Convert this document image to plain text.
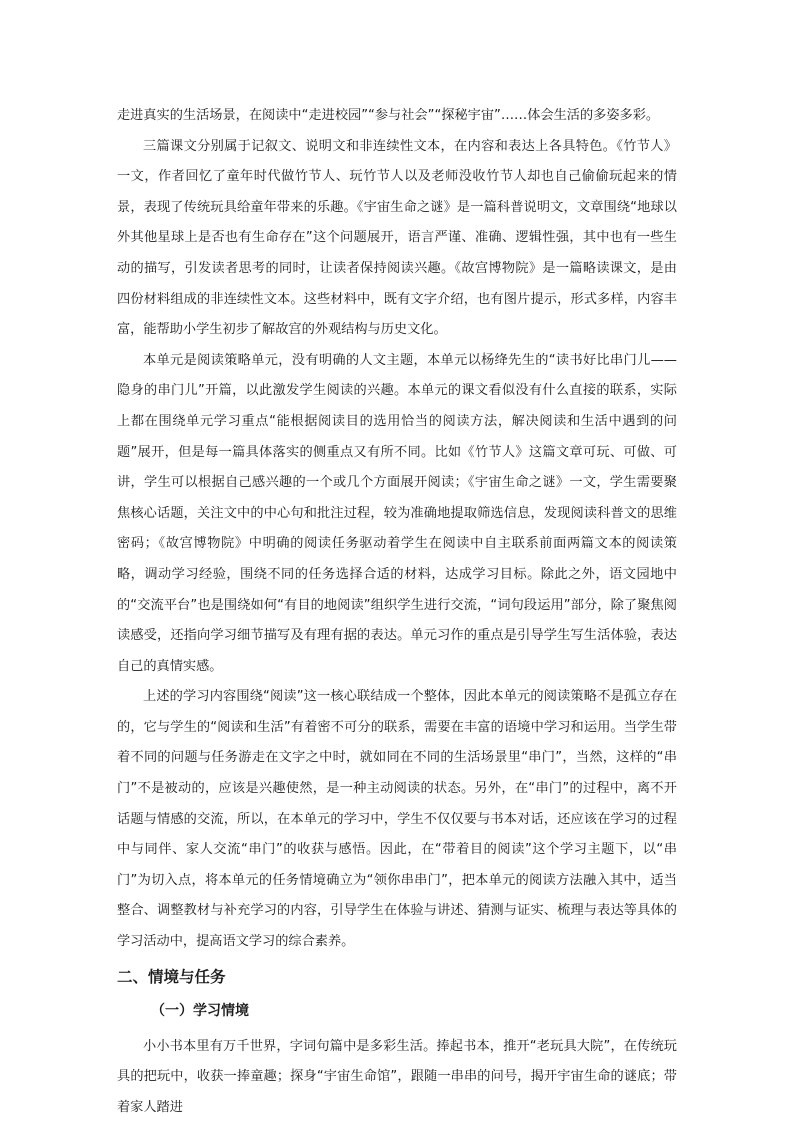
走进真实的生活场景，在阅读中“走进校园”“参与社会”“探秘宇宙”……体会生活的多姿多彩。

三篇课文分别属于记叙文、说明文和非连续性文本，在内容和表达上各具特色。《竹节人》一文，作者回忆了童年时代做竹节人、玩竹节人以及老师没收竹节人却也自己偷偷玩起来的情景，表现了传统玩具给童年带来的乐趣。《宇宙生命之谜》是一篇科普说明文，文章围绕“地球以外其他星球上是否也有生命存在”这个问题展开，语言严谨、准确、逻辑性强，其中也有一些生动的描写，引发读者思考的同时，让读者保持阅读兴趣。《故宫博物院》是一篇略读课文，是由四份材料组成的非连续性文本。这些材料中，既有文字介绍，也有图片提示，形式多样，内容丰富，能帮助小学生初步了解故宫的外观结构与历史文化。

本单元是阅读策略单元，没有明确的人文主题，本单元以杨绛先生的“读书好比串门儿——隐身的串门儿”开篇，以此激发学生阅读的兴趣。本单元的课文看似没有什么直接的联系，实际上都在围绕单元学习重点“能根据阅读目的选用恰当的阅读方法，解决阅读和生活中遇到的问题”展开，但是每一篇具体落实的侧重点又有所不同。比如《竹节人》这篇文章可玩、可做、可讲，学生可以根据自己感兴趣的一个或几个方面展开阅读；《宇宙生命之谜》一文，学生需要聚焦核心话题，关注文中的中心句和批注过程，较为准确地提取筛选信息，发现阅读科普文的思维密码；《故宫博物院》中明确的阅读任务驱动着学生在阅读中自主联系前面两篇文本的阅读策略，调动学习经验，围绕不同的任务选择合适的材料，达成学习目标。除此之外，语文园地中的“交流平台”也是围绕如何“有目的地阅读”组织学生进行交流，“词句段运用”部分，除了聚焦阅读感受，还指向学习细节描写及有理有据的表达。单元习作的重点是引导学生写生活体验，表达自己的真情实感。

上述的学习内容围绕“阅读”这一核心联结成一个整体，因此本单元的阅读策略不是孤立存在的，它与学生的“阅读和生活”有着密不可分的联系，需要在丰富的语境中学习和运用。当学生带着不同的问题与任务游走在文字之中时，就如同在不同的生活场景里“串门”，当然，这样的“串门”不是被动的，应该是兴趣使然，是一种主动阅读的状态。另外，在“串门”的过程中，离不开话题与情感的交流，所以，在本单元的学习中，学生不仅仅要与书本对话，还应该在学习的过程中与同伴、家人交流“串门”的收获与感悟。因此，在“带着目的阅读”这个学习主题下，以“串门”为切入点，将本单元的任务情境确立为“领你串串门”，把本单元的阅读方法融入其中，适当整合、调整教材与补充学习的内容，引导学生在体验与讲述、猜测与证实、梳理与表达等具体的学习活动中，提高语文学习的综合素养。

二、情境与任务
（一）学习情境

小小书本里有万千世界，字词句篇中是多彩生活。捧起书本，推开“老玩具大院”，在传统玩具的把玩中，收获一捧童趣；探身“宇宙生命馆”，跟随一串串的问号，揭开宇宙生命的谜底；带着家人踏进
